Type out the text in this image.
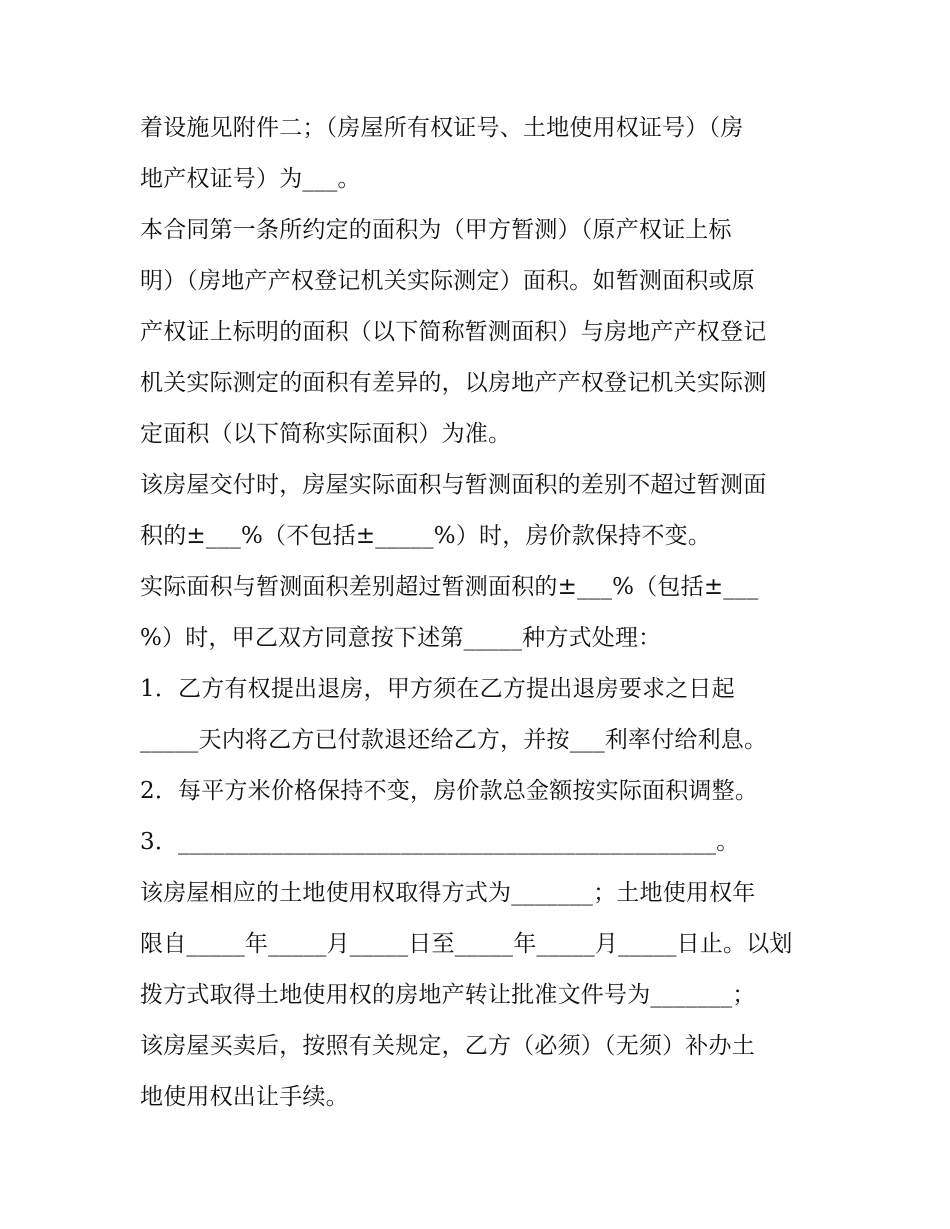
着设施见附件二；（房屋所有权证号、土地使用权证号）（房
地产权证号）为___。
本合同第一条所约定的面积为（甲方暂测）（原产权证上标
明）（房地产产权登记机关实际测定）面积。如暂测面积或原
产权证上标明的面积（以下简称暂测面积）与房地产产权登记
机关实际测定的面积有差异的，以房地产产权登记机关实际测
定面积（以下简称实际面积）为准。
该房屋交付时，房屋实际面积与暂测面积的差别不超过暂测面
积的±___%（不包括±_____%）时，房价款保持不变。
实际面积与暂测面积差别超过暂测面积的±___%（包括±___
%）时，甲乙双方同意按下述第_____种方式处理：
1．乙方有权提出退房，甲方须在乙方提出退房要求之日起
_____天内将乙方已付款退还给乙方，并按___利率付给利息。
2．每平方米价格保持不变，房价款总金额按实际面积调整。
3．______________________________________________。
该房屋相应的土地使用权取得方式为_______；土地使用权年
限自_____年_____月_____日至_____年_____月_____日止。以划
拨方式取得土地使用权的房地产转让批准文件号为_______；
该房屋买卖后，按照有关规定，乙方（必须）（无须）补办土
地使用权出让手续。
